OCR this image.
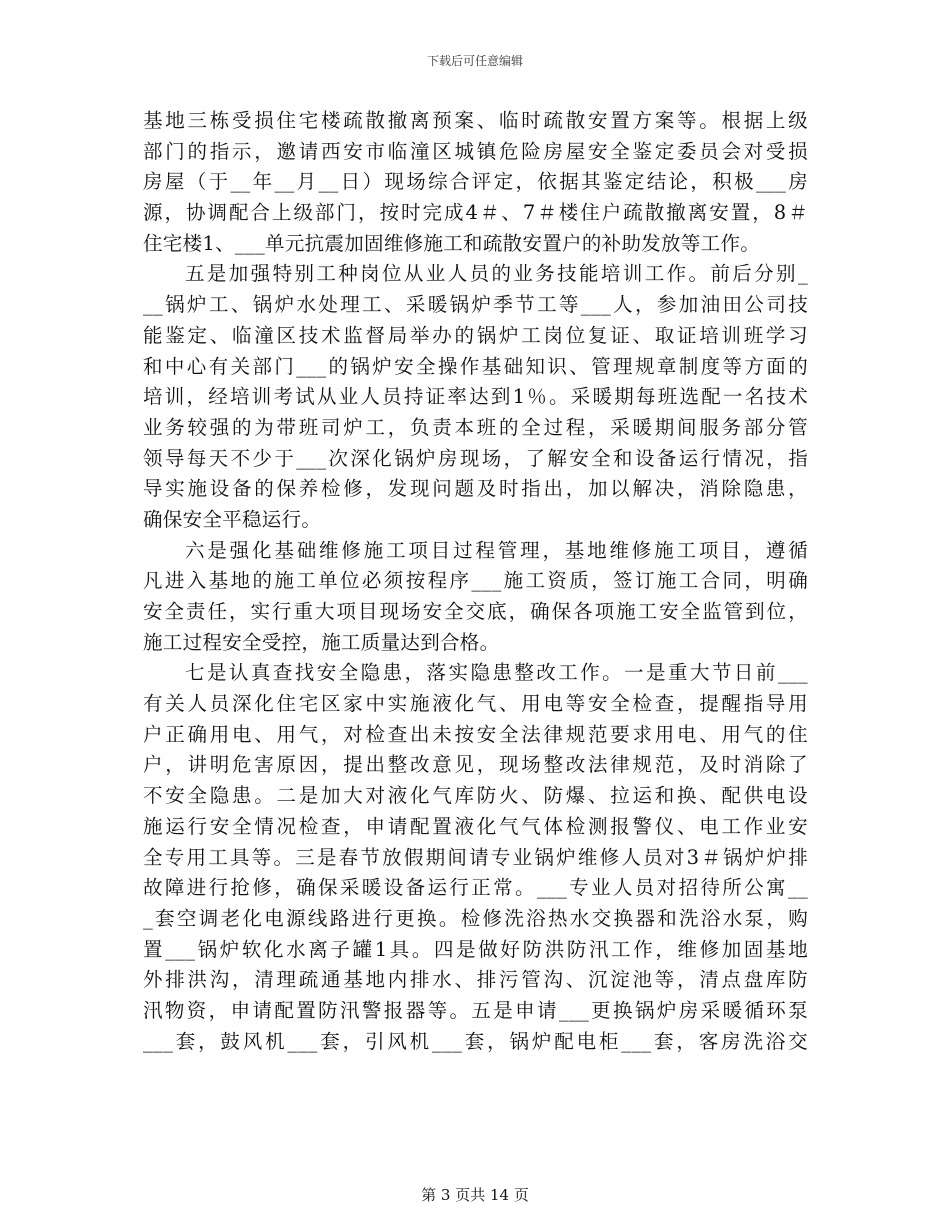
下载后可任意编辑
基地三栋受损住宅楼疏散撤离预案、临时疏散安置方案等。根据上级
部门的指示，邀请西安市临潼区城镇危险房屋安全鉴定委员会对受损
房屋（于__年__月__日）现场综合评定，依据其鉴定结论，积极___房
源，协调配合上级部门，按时完成4＃、7＃楼住户疏散撤离安置，8＃
住宅楼1、___单元抗震加固维修施工和疏散安置户的补助发放等工作。
五是加强特别工种岗位从业人员的业务技能培训工作。前后分别_
__锅炉工、锅炉水处理工、采暖锅炉季节工等___人，参加油田公司技
能鉴定、临潼区技术监督局举办的锅炉工岗位复证、取证培训班学习
和中心有关部门___的锅炉安全操作基础知识、管理规章制度等方面的
培训，经培训考试从业人员持证率达到1％。采暖期每班选配一名技术
业务较强的为带班司炉工，负责本班的全过程，采暖期间服务部分管
领导每天不少于___次深化锅炉房现场，了解安全和设备运行情况，指
导实施设备的保养检修，发现问题及时指出，加以解决，消除隐患，
确保安全平稳运行。
六是强化基础维修施工项目过程管理，基地维修施工项目，遵循
凡进入基地的施工单位必须按程序___施工资质，签订施工合同，明确
安全责任，实行重大项目现场安全交底，确保各项施工安全监管到位，
施工过程安全受控，施工质量达到合格。
七是认真查找安全隐患，落实隐患整改工作。一是重大节日前___
有关人员深化住宅区家中实施液化气、用电等安全检查，提醒指导用
户正确用电、用气，对检查出未按安全法律规范要求用电、用气的住
户，讲明危害原因，提出整改意见，现场整改法律规范，及时消除了
不安全隐患。二是加大对液化气库防火、防爆、拉运和换、配供电设
施运行安全情况检查，申请配置液化气气体检测报警仪、电工作业安
全专用工具等。三是春节放假期间请专业锅炉维修人员对3＃锅炉炉排
故障进行抢修，确保采暖设备运行正常。___专业人员对招待所公寓__
_套空调老化电源线路进行更换。检修洗浴热水交换器和洗浴水泵，购
置___锅炉软化水离子罐1具。四是做好防洪防汛工作，维修加固基地
外排洪沟，清理疏通基地内排水、排污管沟、沉淀池等，清点盘库防
汛物资，申请配置防汛警报器等。五是申请___更换锅炉房采暖循环泵
___套，鼓风机___套，引风机___套，锅炉配电柜___套，客房洗浴交
第 3 页共 14 页
